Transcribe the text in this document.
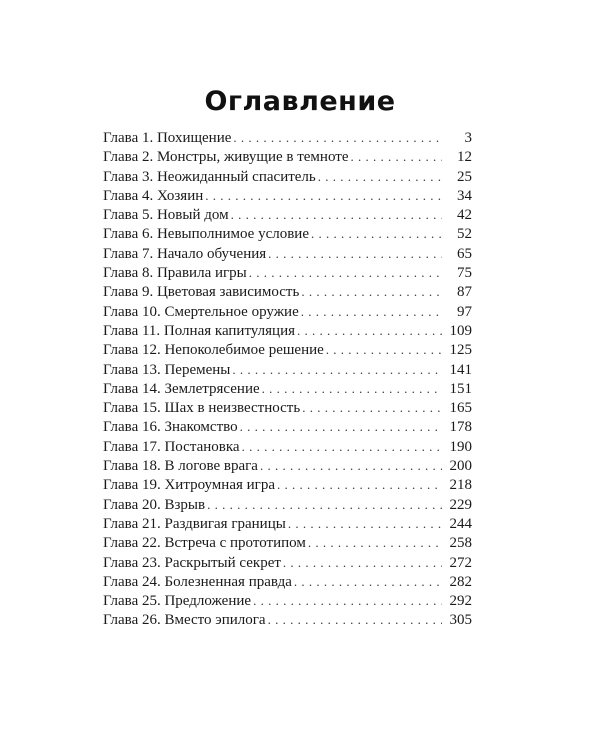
Оглавление
Глава 1. Похищение . . .	3
Глава 2. Монстры, живущие в темноте . . .	12
Глава 3. Неожиданный спаситель . . .	25
Глава 4. Хозяин . . .	34
Глава 5. Новый дом . . .	42
Глава 6. Невыполнимое условие . . .	52
Глава 7. Начало обучения . . .	65
Глава 8. Правила игры . . .	75
Глава 9. Цветовая зависимость . . .	87
Глава 10. Смертельное оружие . . .	97
Глава 11. Полная капитуляция . . .	109
Глава 12. Непоколебимое решение . . .	125
Глава 13. Перемены . . .	141
Глава 14. Землетрясение . . .	151
Глава 15. Шах в неизвестность . . .	165
Глава 16. Знакомство . . .	178
Глава 17. Постановка . . .	190
Глава 18. В логове врага . . .	200
Глава 19. Хитроумная игра . . .	218
Глава 20. Взрыв . . .	229
Глава 21. Раздвигая границы . . .	244
Глава 22. Встреча с прототипом . . .	258
Глава 23. Раскрытый секрет . . .	272
Глава 24. Болезненная правда . . .	282
Глава 25. Предложение . . .	292
Глава 26. Вместо эпилога . . .	305
